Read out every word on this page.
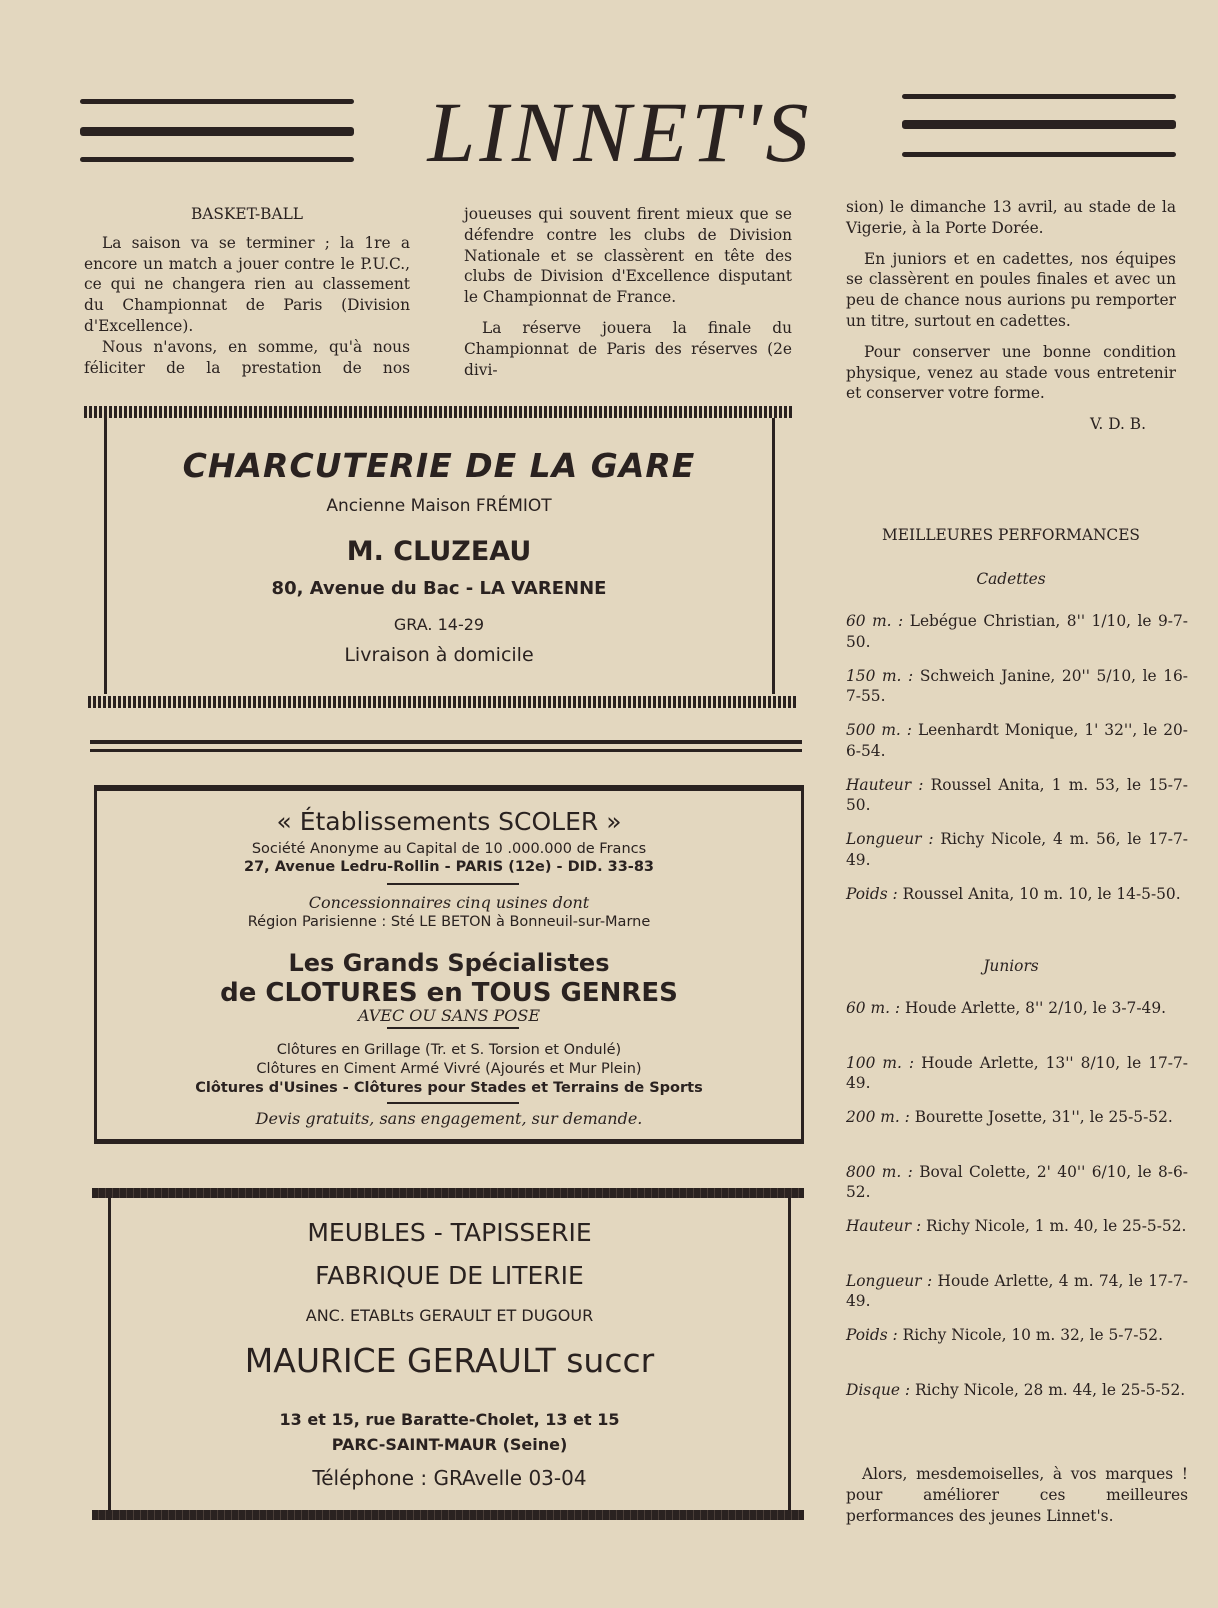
LINNET'S

BASKET-BALL

La saison va se terminer ; la 1re a encore un match a jouer contre le P.U.C., ce qui ne changera rien au classement du Championnat de Paris (Division d'Excellence).

Nous n'avons, en somme, qu'à nous féliciter de la prestation de nos

joueuses qui souvent firent mieux que se défendre contre les clubs de Division Nationale et se classèrent en tête des clubs de Division d'Excellence disputant le Championnat de France.

La réserve jouera la finale du Championnat de Paris des réserves (2e divi-

sion) le dimanche 13 avril, au stade de la Vigerie, à la Porte Dorée.

En juniors et en cadettes, nos équipes se classèrent en poules finales et avec un peu de chance nous aurions pu remporter un titre, surtout en cadettes.

Pour conserver une bonne condition physique, venez au stade vous entretenir et conserver votre forme.

V. D. B.

CHARCUTERIE DE LA GARE
Ancienne Maison FRÉMIOT
M. CLUZEAU
80, Avenue du Bac - LA VARENNE
GRA. 14-29
Livraison à domicile
« Établissements SCOLER »
Société Anonyme au Capital de 10 .000.000 de Francs
27, Avenue Ledru-Rollin - PARIS (12e) - DID. 33-83
Concessionnaires cinq usines dont
Région Parisienne : Sté LE BETON à Bonneuil-sur-Marne
Les Grands Spécialistes
de CLOTURES en TOUS GENRES
AVEC OU SANS POSE
Clôtures en Grillage (Tr. et S. Torsion et Ondulé)
Clôtures en Ciment Armé Vivré (Ajourés et Mur Plein)
Clôtures d'Usines - Clôtures pour Stades et Terrains de Sports
Devis gratuits, sans engagement, sur demande.
MEUBLES - TAPISSERIE
FABRIQUE DE LITERIE
ANC. ETABLts GERAULT ET DUGOUR
MAURICE GERAULT succr
13 et 15, rue Baratte-Cholet, 13 et 15
PARC-SAINT-MAUR (Seine)
Téléphone : GRAvelle 03-04
MEILLEURES PERFORMANCES
Cadettes
60 m. : Lebégue Christian, 8'' 1/10, le 9-7-50.
150 m. : Schweich Janine, 20'' 5/10, le 16-7-55.
500 m. : Leenhardt Monique, 1' 32'', le 20-6-54.
Hauteur : Roussel Anita, 1 m. 53, le 15-7-50.
Longueur : Richy Nicole, 4 m. 56, le 17-7-49.
Poids : Roussel Anita, 10 m. 10, le 14-5-50.
Juniors
60 m. : Houde Arlette, 8'' 2/10, le 3-7-49.
100 m. : Houde Arlette, 13'' 8/10, le 17-7-49.
200 m. : Bourette Josette, 31'', le 25-5-52.
800 m. : Boval Colette, 2' 40'' 6/10, le 8-6-52.
Hauteur : Richy Nicole, 1 m. 40, le 25-5-52.
Longueur : Houde Arlette, 4 m. 74, le 17-7-49.
Poids : Richy Nicole, 10 m. 32, le 5-7-52.
Disque : Richy Nicole, 28 m. 44, le 25-5-52.
Alors, mesdemoiselles, à vos marques ! pour améliorer ces meilleures performances des jeunes Linnet's.
